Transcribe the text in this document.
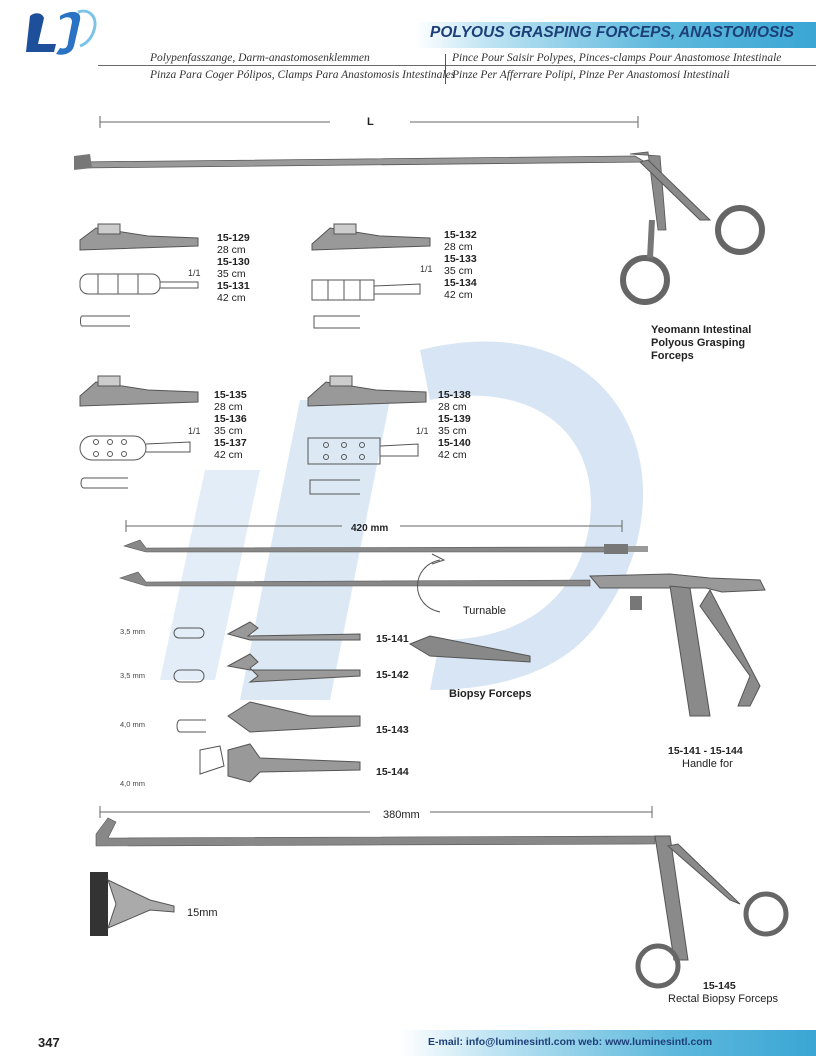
POLYOUS GRASPING FORCEPS, ANASTOMOSIS
Polypenfasszange, Darm-anastomosenklemmen	Pince Pour Saisir Polypes, Pinces-clamps Pour Anastomose Intestinale
Pinza Para Coger Pólipos, Clamps Para Anastomosis Intestinales
Pinze Per Afferrare Polipi, Pinze Per Anastomosi Intestinali
L
1/1
15-129
28 cm
15-130
35 cm
15-131
42 cm
1/1
15-132
28 cm
15-133
35 cm
15-134
42 cm
Yeomann Intestinal
Polyous Grasping
Forceps
1/1
15-135
28 cm
15-136
35 cm
15-137
42 cm
1/1
15-138
28 cm
15-139
35 cm
15-140
42 cm
420 mm
Turnable
Biopsy Forceps
3,5 mm
3,5 mm
4,0 mm
4,0 mm
15-141
15-142
15-143
15-144
15-141 - 15-144
Handle for
380mm
15mm
15-145
Rectal Biopsy Forceps
347	E-mail: info@luminesintl.com web: www.luminesintl.com
